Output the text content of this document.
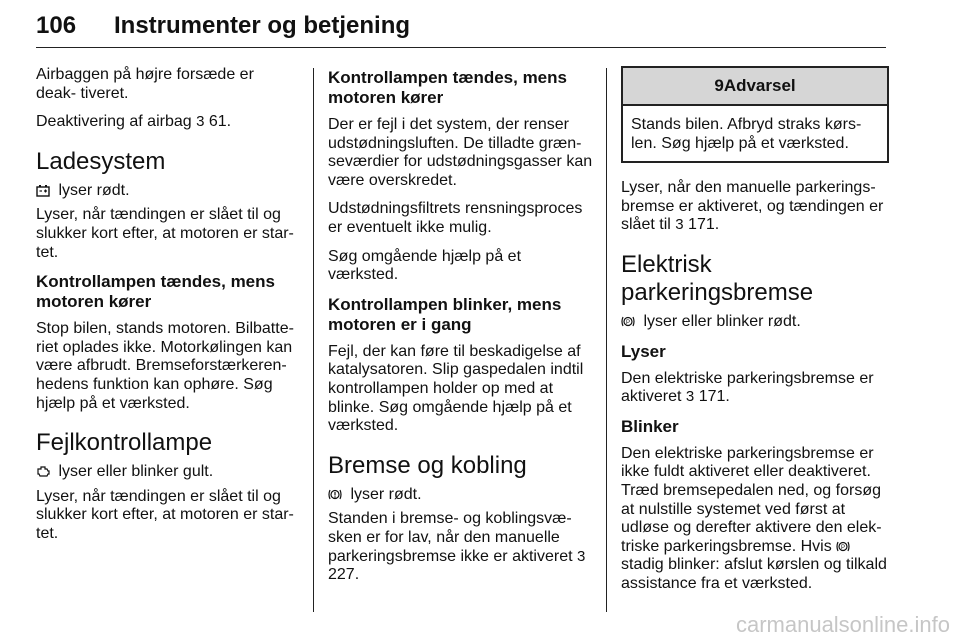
106 Instrumenter og betjening

Airbaggen på højre forsæde er deak- tiveret.

Deaktivering af airbag 3 61.

Ladesystem

lyser rødt.

Lyser, når tændingen er slået til og slukker kort efter, at motoren er star- tet.

Kontrollampen tændes, mens motoren kører

Stop bilen, stands motoren. Bilbatte- riet oplades ikke. Motorkølingen kan være afbrudt. Bremseforstærkeren- hedens funktion kan ophøre. Søg hjælp på et værksted.

Fejlkontrollampe

lyser eller blinker gult.

Lyser, når tændingen er slået til og slukker kort efter, at motoren er star- tet.

Kontrollampen tændes, mens motoren kører

Der er fejl i det system, der renser udstødningsluften. De tilladte græn- seværdier for udstødningsgasser kan være overskredet.

Udstødningsfiltrets rensningsproces er eventuelt ikke mulig.

Søg omgående hjælp på et værksted.

Kontrollampen blinker, mens motoren er i gang

Fejl, der kan føre til beskadigelse af katalysatoren. Slip gaspedalen indtil kontrollampen holder op med at blinke. Søg omgående hjælp på et værksted.

Bremse og kobling

lyser rødt.

Standen i bremse- og koblingsvæ- sken er for lav, når den manuelle parkeringsbremse ikke er aktiveret 3 227.

9Advarsel
Stands bilen. Afbryd straks kørs- len. Søg hjælp på et værksted.

Lyser, når den manuelle parkerings- bremse er aktiveret, og tændingen er slået til 3 171.

Elektrisk parkeringsbremse

P lyser eller blinker rødt.

Lyser

Den elektriske parkeringsbremse er aktiveret 3 171.

Blinker

Den elektriske parkeringsbremse er ikke fuldt aktiveret eller deaktiveret. Træd bremsepedalen ned, og forsøg at nulstille systemet ved først at udløse og derefter aktivere den elek- triske parkeringsbremse. Hvis P
stadig blinker: afslut kørslen og tilkald assistance fra et værksted.

carmanualsonline.info
